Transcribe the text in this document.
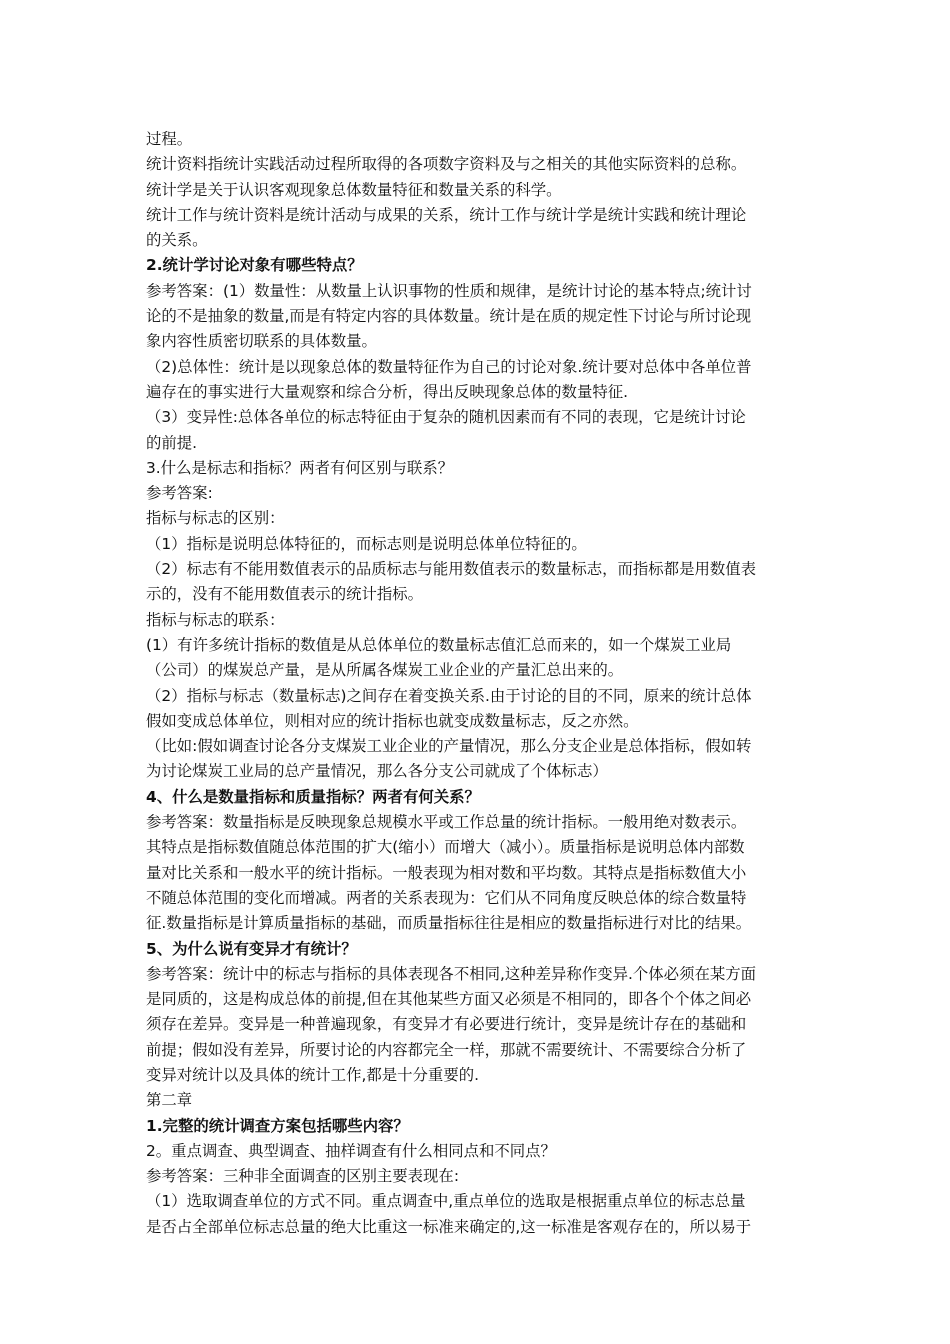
过程。
统计资料指统计实践活动过程所取得的各项数字资料及与之相关的其他实际资料的总称。
统计学是关于认识客观现象总体数量特征和数量关系的科学。
统计工作与统计资料是统计活动与成果的关系，统计工作与统计学是统计实践和统计理论
的关系。
2.统计学讨论对象有哪些特点？
参考答案：(1）数量性：从数量上认识事物的性质和规律，是统计讨论的基本特点;统计讨
论的不是抽象的数量,而是有特定内容的具体数量。统计是在质的规定性下讨论与所讨论现
象内容性质密切联系的具体数量。
（2)总体性：统计是以现象总体的数量特征作为自己的讨论对象.统计要对总体中各单位普
遍存在的事实进行大量观察和综合分析，得出反映现象总体的数量特征.
（3）变异性:总体各单位的标志特征由于复杂的随机因素而有不同的表现，它是统计讨论
的前提.
3.什么是标志和指标？两者有何区别与联系？
参考答案:
指标与标志的区别：
（1）指标是说明总体特征的，而标志则是说明总体单位特征的。
（2）标志有不能用数值表示的品质标志与能用数值表示的数量标志，而指标都是用数值表
示的，没有不能用数值表示的统计指标。
指标与标志的联系：
(1）有许多统计指标的数值是从总体单位的数量标志值汇总而来的，如一个煤炭工业局
（公司）的煤炭总产量，是从所属各煤炭工业企业的产量汇总出来的。
（2）指标与标志（数量标志)之间存在着变换关系.由于讨论的目的不同，原来的统计总体
假如变成总体单位，则相对应的统计指标也就变成数量标志，反之亦然。
（比如:假如调查讨论各分支煤炭工业企业的产量情况，那么分支企业是总体指标，假如转
为讨论煤炭工业局的总产量情况，那么各分支公司就成了个体标志）
4、什么是数量指标和质量指标？两者有何关系？
参考答案：数量指标是反映现象总规模水平或工作总量的统计指标。一般用绝对数表示。
其特点是指标数值随总体范围的扩大(缩小）而增大（减小）。质量指标是说明总体内部数
量对比关系和一般水平的统计指标。一般表现为相对数和平均数。其特点是指标数值大小
不随总体范围的变化而增减。两者的关系表现为：它们从不同角度反映总体的综合数量特
征.数量指标是计算质量指标的基础，而质量指标往往是相应的数量指标进行对比的结果。
5、为什么说有变异才有统计？
参考答案：统计中的标志与指标的具体表现各不相同,这种差异称作变异.个体必须在某方面
是同质的，这是构成总体的前提,但在其他某些方面又必须是不相同的，即各个个体之间必
须存在差异。变异是一种普遍现象，有变异才有必要进行统计，变异是统计存在的基础和
前提；假如没有差异，所要讨论的内容都完全一样，那就不需要统计、不需要综合分析了
变异对统计以及具体的统计工作,都是十分重要的.
第二章
1.完整的统计调查方案包括哪些内容？
2。重点调查、典型调查、抽样调查有什么相同点和不同点？
参考答案：三种非全面调查的区别主要表现在:
（1）选取调查单位的方式不同。重点调查中,重点单位的选取是根据重点单位的标志总量
是否占全部单位标志总量的绝大比重这一标准来确定的,这一标准是客观存在的，所以易于
